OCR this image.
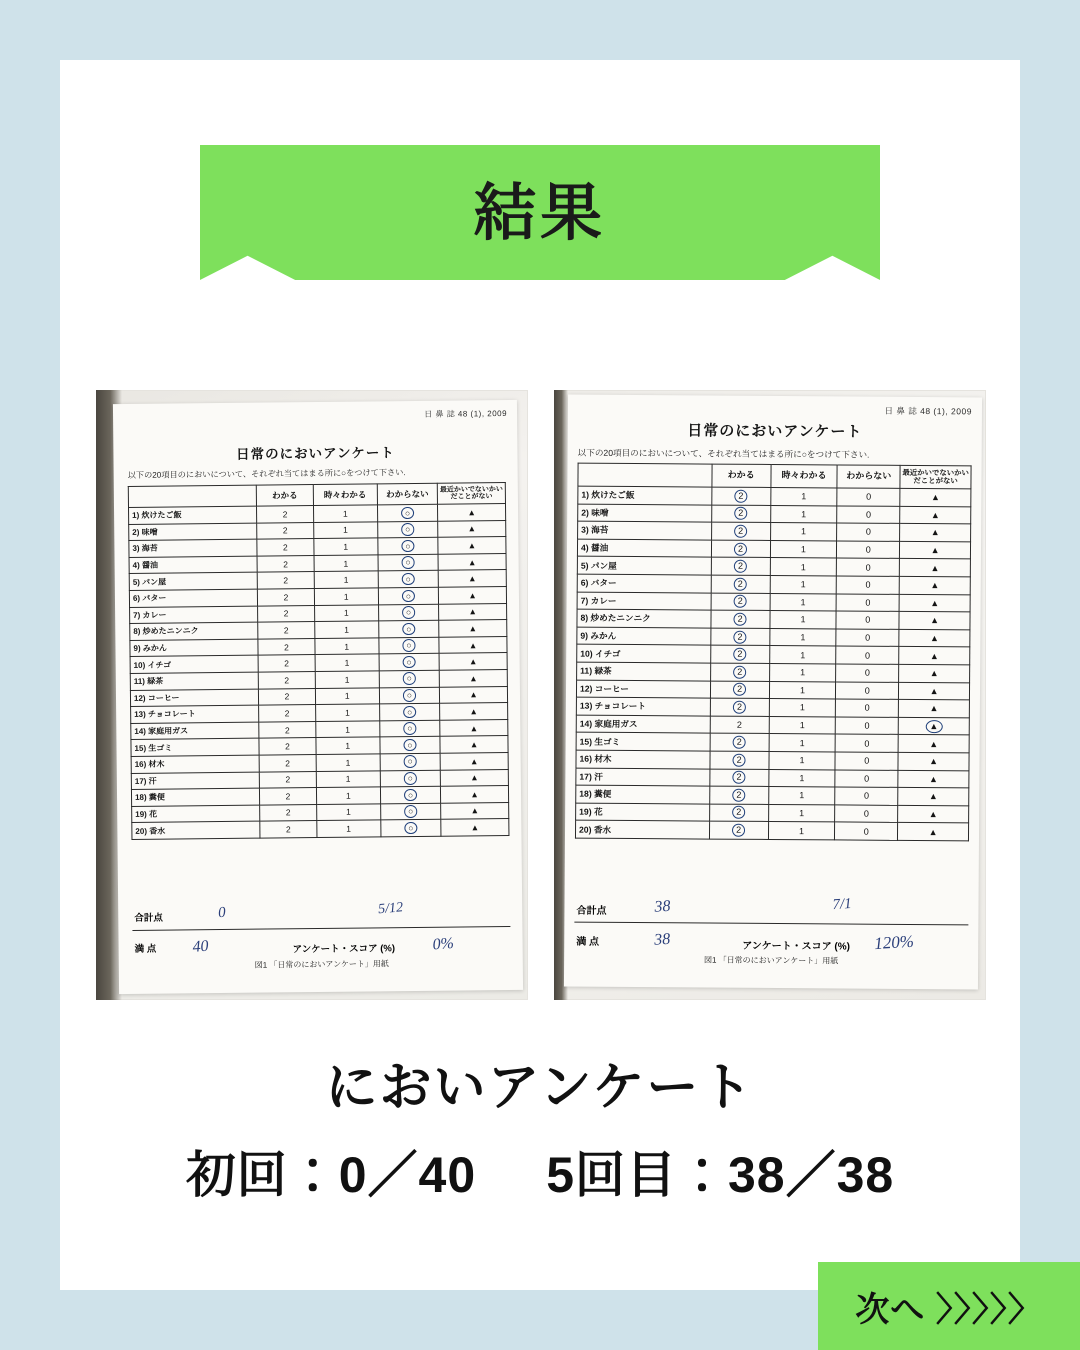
結果
日 鼻 誌 48 (1), 2009
日常のにおいアンケート
以下の20項目のにおいについて、それぞれ当てはまる所に○をつけて下さい.
	わかる	時々わかる	わからない	最近かいでないかいだことがない
1) 炊けたご飯	2	1	○	▲
2) 味噌	2	1	○	▲
3) 海苔	2	1	○	▲
4) 醤油	2	1	○	▲
5) パン屋	2	1	○	▲
6) バター	2	1	○	▲
7) カレー	2	1	○	▲
8) 炒めたニンニク	2	1	○	▲
9) みかん	2	1	○	▲
10) イチゴ	2	1	○	▲
11) 緑茶	2	1	○	▲
12) コーヒー	2	1	○	▲
13) チョコレート	2	1	○	▲
14) 家庭用ガス	2	1	○	▲
15) 生ゴミ	2	1	○	▲
16) 材木	2	1	○	▲
17) 汗	2	1	○	▲
18) 糞便	2	1	○	▲
19) 花	2	1	○	▲
20) 香水	2	1	○	▲
合計点	0	5/12
満 点 40	アンケート・スコア (%) 0%
図1 「日常のにおいアンケート」用紙
日 鼻 誌 48 (1), 2009
日常のにおいアンケート
以下の20項目のにおいについて、それぞれ当てはまる所に○をつけて下さい.
	わかる	時々わかる	わからない	最近かいでないかいだことがない
1) 炊けたご飯	2	1	0	▲
2) 味噌	2	1	0	▲
3) 海苔	2	1	0	▲
4) 醤油	2	1	0	▲
5) パン屋	2	1	0	▲
6) バター	2	1	0	▲
7) カレー	2	1	0	▲
8) 炒めたニンニク	2	1	0	▲
9) みかん	2	1	0	▲
10) イチゴ	2	1	0	▲
11) 緑茶	2	1	0	▲
12) コーヒー	2	1	0	▲
13) チョコレート	2	1	0	▲
14) 家庭用ガス	2	1	0	▲
15) 生ゴミ	2	1	0	▲
16) 材木	2	1	0	▲
17) 汗	2	1	0	▲
18) 糞便	2	1	0	▲
19) 花	2	1	0	▲
20) 香水	2	1	0	▲
合計点	38	7/1
満 点	38	アンケート・スコア (%) 120%
図1 「日常のにおいアンケート」用紙
においアンケート
初回：0／40 5回目：38／38
次へ 〉〉〉〉〉
